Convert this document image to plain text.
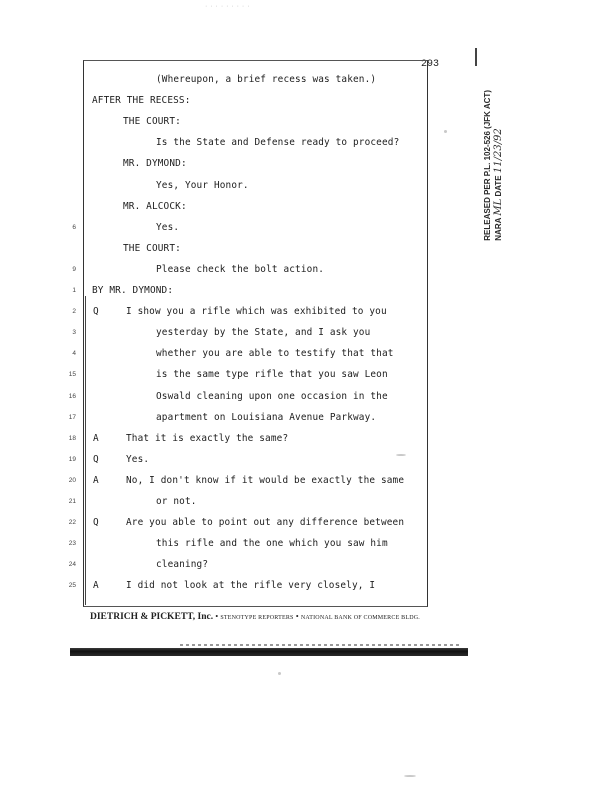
· · · · · · · · ·
293
(Whereupon, a brief recess was taken.)
AFTER THE RECESS:
THE COURT:
Is the State and Defense ready to proceed?
MR. DYMOND:
Yes, Your Honor.
MR. ALCOCK:
6	Yes.
THE COURT:
9	Please check the bolt action.
1 BY MR. DYMOND:
2 Q	I show you a rifle which was exhibited to you
3	yesterday by the State, and I ask you
4	whether you are able to testify that that
15	is the same type rifle that you saw Leon
16	Oswald cleaning upon one occasion in the
17	apartment on Louisiana Avenue Parkway.
18 A	That it is exactly the same?
19 Q	Yes.
20 A	No, I don't know if it would be exactly the same
21	or not.
22 Q	Are you able to point out any difference between
23	this rifle and the one which you saw him
24	cleaning?
25 A	I did not look at the rifle very closely, I
DIETRICH & PICKETT, Inc. • STENOTYPE REPORTERS • NATIONAL BANK OF COMMERCE BLDG.
RELEASED PER P.L. 102-526 (JFK ACT) NARA ML DATE 11/23/92
